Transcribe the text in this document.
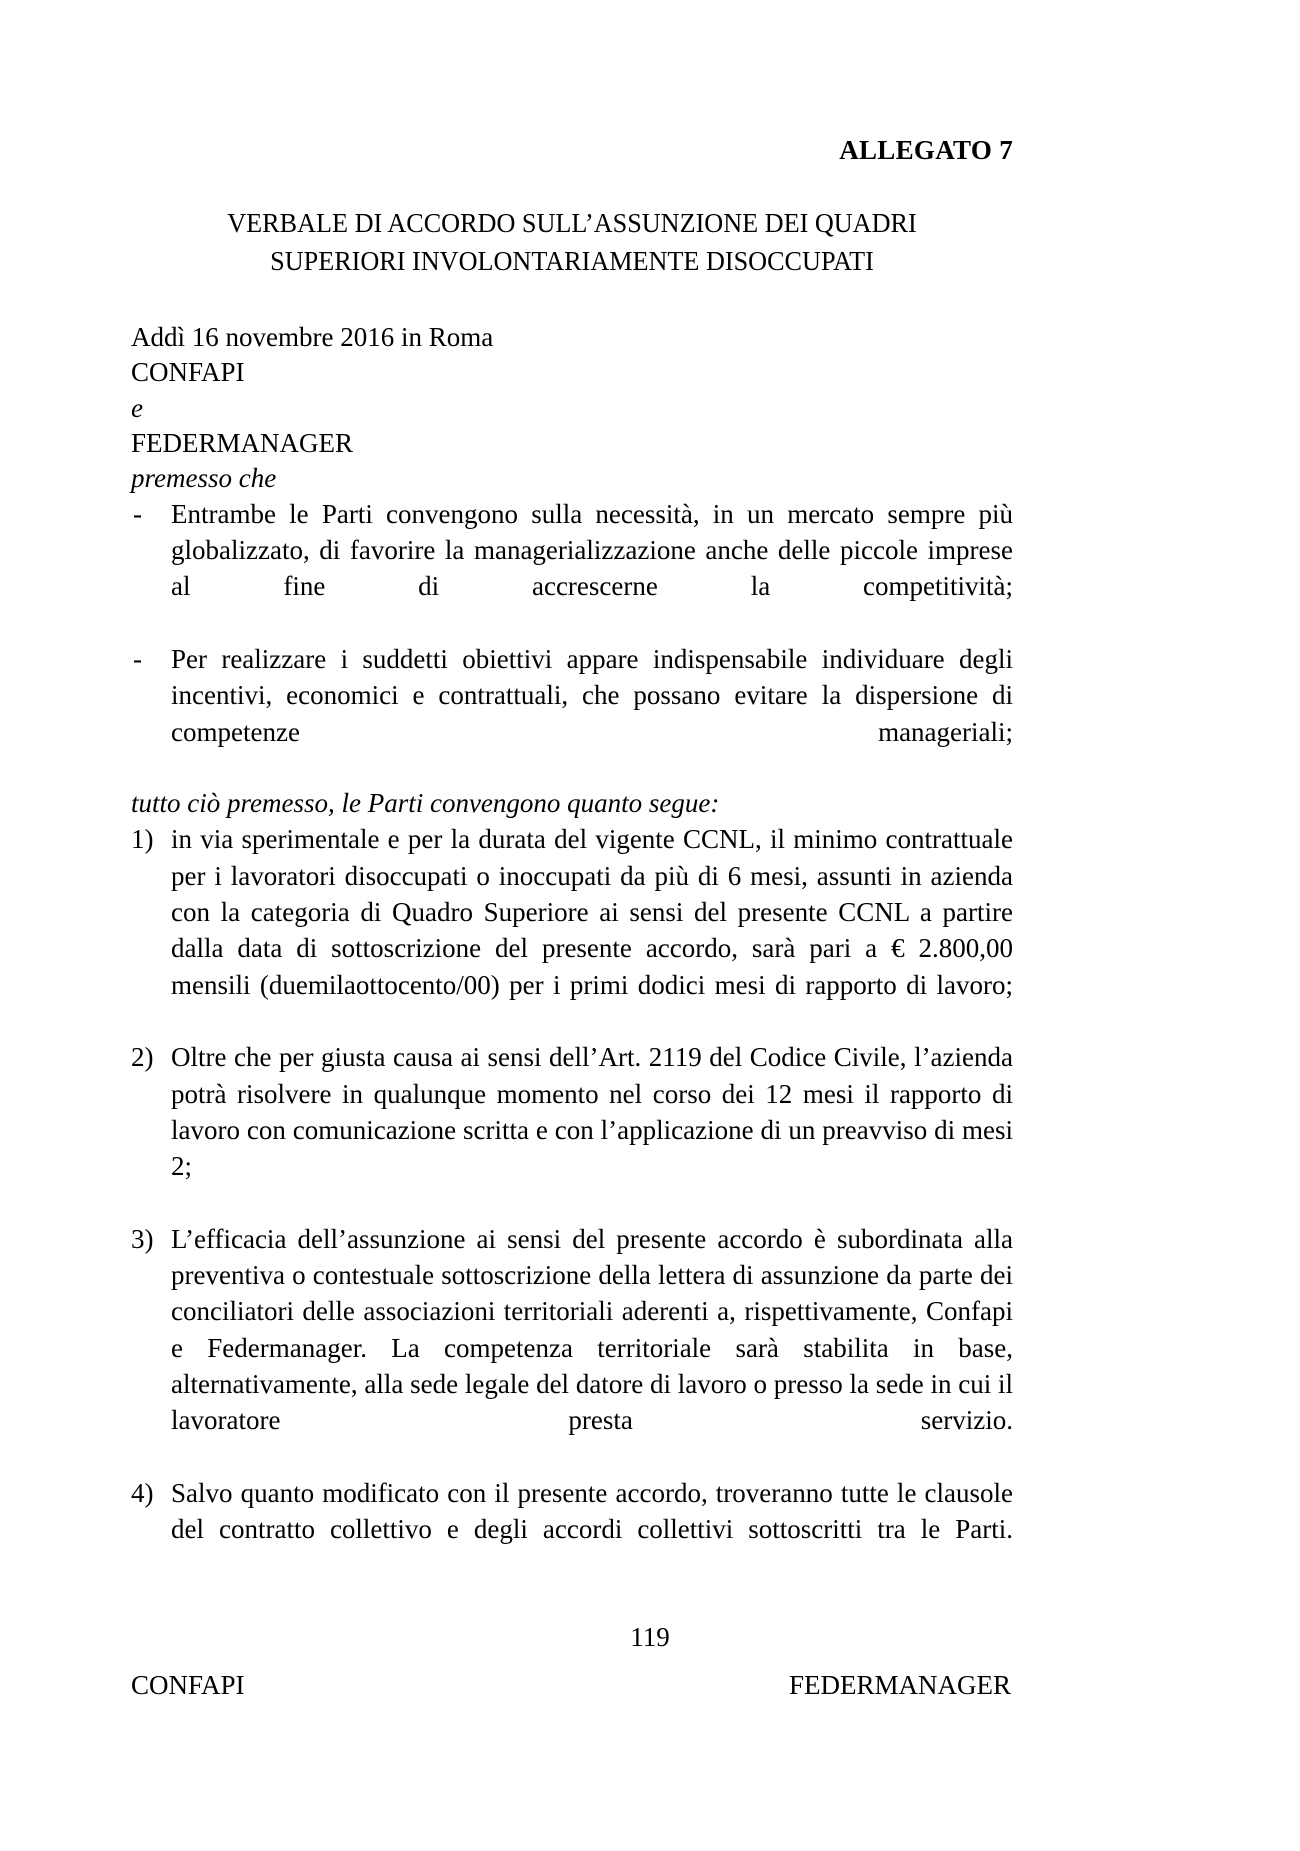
ALLEGATO 7
VERBALE DI ACCORDO SULL’ASSUNZIONE DEI QUADRI
SUPERIORI INVOLONTARIAMENTE DISOCCUPATI

Addì 16 novembre 2016 in Roma

CONFAPI

e

FEDERMANAGER

premesso che

- Entrambe le Parti convengono sulla necessità, in un mercato sempre più globalizzato, di favorire la managerializzazione anche delle piccole imprese al fine di accrescerne la competitività;
- Per realizzare i suddetti obiettivi appare indispensabile individuare degli incentivi, economici e contrattuali, che possano evitare la dispersione di competenze manageriali;

tutto ciò premesso, le Parti convengono quanto segue:

1) in via sperimentale e per la durata del vigente CCNL, il minimo contrattuale per i lavoratori disoccupati o inoccupati da più di 6 mesi, assunti in azienda con la categoria di Quadro Superiore ai sensi del presente CCNL a partire dalla data di sottoscrizione del presente accordo, sarà pari a € 2.800,00 mensili (duemilaottocento/00) per i primi dodici mesi di rapporto di lavoro;
2) Oltre che per giusta causa ai sensi dell’Art. 2119 del Codice Civile, l’azienda potrà risolvere in qualunque momento nel corso dei 12 mesi il rapporto di lavoro con comunicazione scritta e con l’applicazione di un preavviso di mesi 2;
3) L’efficacia dell’assunzione ai sensi del presente accordo è subordinata alla preventiva o contestuale sottoscrizione della lettera di assunzione da parte dei conciliatori delle associazioni territoriali aderenti a, rispettivamente, Confapi e Federmanager. La competenza territoriale sarà stabilita in base, alternativamente, alla sede legale del datore di lavoro o presso la sede in cui il lavoratore presta servizio.
4) Salvo quanto modificato con il presente accordo, troveranno tutte le clausole del contratto collettivo e degli accordi collettivi sottoscritti tra le Parti.
CONFAPI	FEDERMANAGER
119
